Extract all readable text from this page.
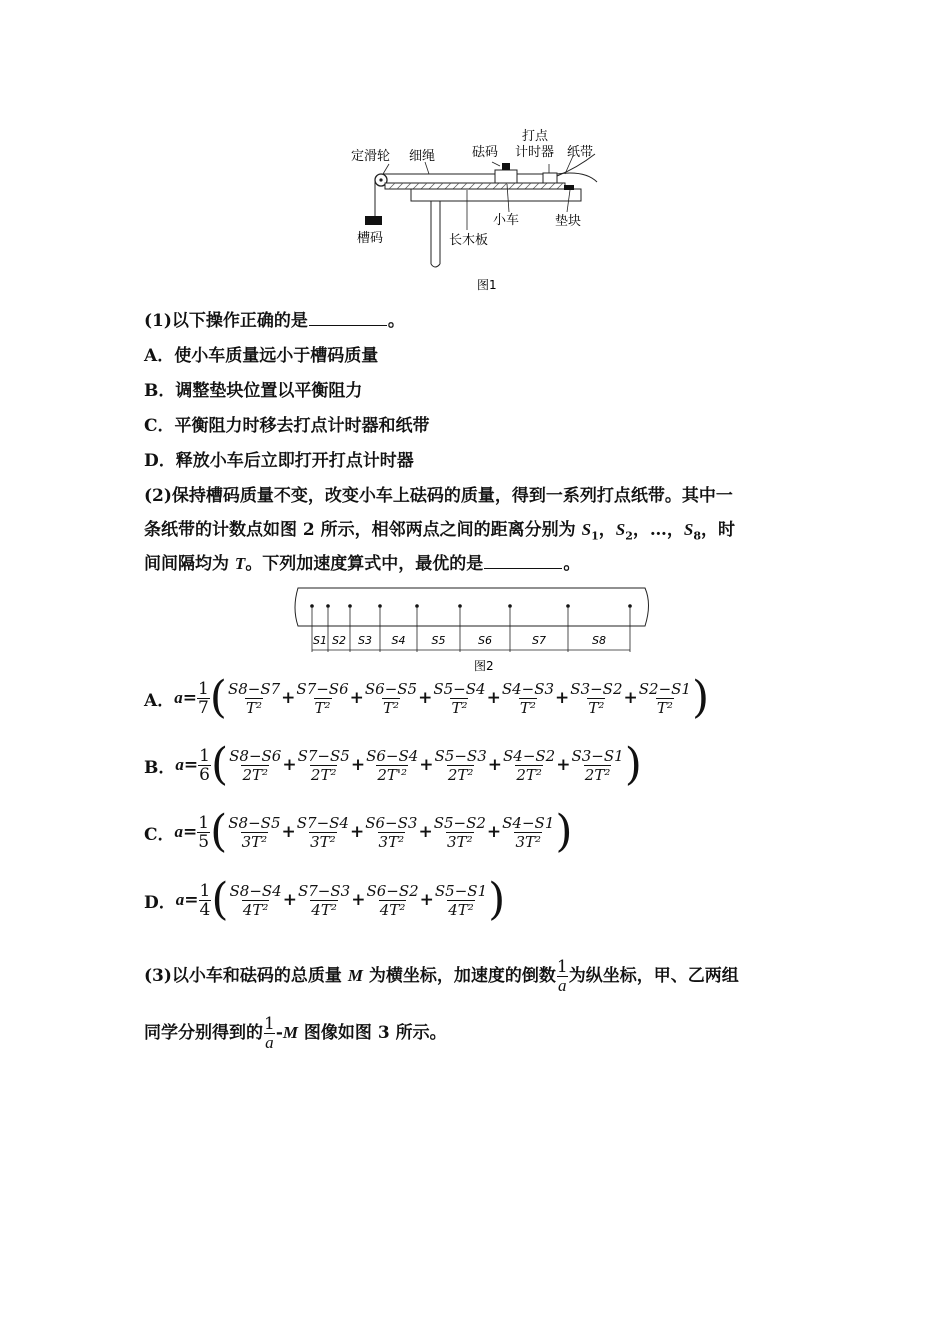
定滑轮 细绳	砝码
打点
计时器 纸带
槽码
小车	垫块
长木板
图1
(1)以下操作正确的是	。
A．使小车质量远小于槽码质量
B．调整垫块位置以平衡阻力
C．平衡阻力时移去打点计时器和纸带
D．释放小车后立即打开打点计时器
(2)保持槽码质量不变，改变小车上砝码的质量，得到一系列打点纸带。其中一
条纸带的计数点如图 2 所示，相邻两点之间的距离分别为 $S_1$，$S_2$，…，$S_8$，时
间间隔均为 T。下列加速度算式中，最优的是	。
S1 S2 S3 S4 S5	S6	S7	S8
图2
A． $a = \frac{1}{7}$ ( $\frac{S8-S7}{\text{T²}} + \frac{S7-S6}{\text{T²}} + \frac{S6-S5}{\text{T²}} + \frac{S5-S4}{\text{T²}} + \frac{S4-S3}{\text{T²}} + \frac{S3-S2}{\text{T²}} + \frac{S2-S1}{\text{T²}}$ )
B． $a = \frac{1}{6}$ ( $\frac{S8-S6}{\text{2T²}} + \frac{S7-S5}{\text{2T²}} + \frac{S6-S4}{\text{2T'²}} + \frac{S5-S3}{\text{2T²}} + \frac{S4-S2}{\text{2T²}} + \frac{S3-S1}{\text{2T²}}$ )
C． $a = \frac{1}{5}$ ( $\frac{S8-S5}{\text{3T²}} + \frac{S7-S4}{\text{3T²}} + \frac{S6-S3}{\text{3T²}} + \frac{S5-S2}{\text{3T²}} + \frac{S4-S1}{\text{3T²}}$ )
D． $a = \frac{1}{4}$ ( $\frac{S8-S4}{\text{4T²}} + \frac{S7-S3}{\text{4T²}} + \frac{S6-S2}{\text{4T²}} + \frac{S5-S1}{\text{4T²}}$ )
(3)以小车和砝码的总质量 M 为横坐标，加速度的倒数 $\frac{1}{a}$ 为纵坐标，甲、乙两组
同学分别得到的 $\frac{1}{a} -M$ 图像如图 3 所示。
